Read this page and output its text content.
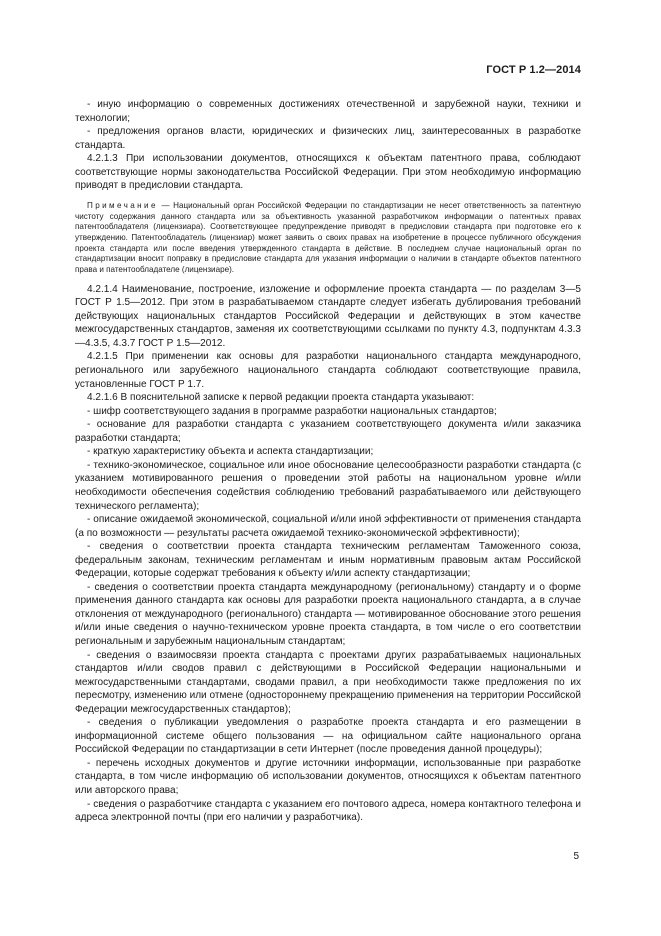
ГОСТ Р 1.2—2014

- иную информацию о современных достижениях отечественной и зарубежной науки, техники и технологии;

- предложения органов власти, юридических и физических лиц, заинтересованных в разработке стандарта.

4.2.1.3 При использовании документов, относящихся к объектам патентного права, соблюдают соответствующие нормы законодательства Российской Федерации. При этом необходимую информацию приводят в предисловии стандарта.

Примечание — Национальный орган Российской Федерации по стандартизации не несет ответственность за патентную чистоту содержания данного стандарта или за объективность указанной разработчиком информации о патентных правах патентообладателя (лицензиара). Соответствующее предупреждение приводят в предисловии стандарта при подготовке его к утверждению. Патентообладатель (лицензиар) может заявить о своих правах на изобретение в процессе публичного обсуждения проекта стандарта или после введения утвержденного стандарта в действие. В последнем случае национальный орган по стандартизации вносит поправку в предисловие стандарта для указания информации о наличии в стандарте объектов патентного права и патентообладателе (лицензиаре).

4.2.1.4 Наименование, построение, изложение и оформление проекта стандарта — по разделам 3—5 ГОСТ Р 1.5—2012. При этом в разрабатываемом стандарте следует избегать дублирования требований действующих национальных стандартов Российской Федерации и действующих в этом качестве межгосударственных стандартов, заменяя их соответствующими ссылками по пункту 4.3, подпунктам 4.3.3—4.3.5, 4.3.7 ГОСТ Р 1.5—2012.

4.2.1.5 При применении как основы для разработки национального стандарта международного, регионального или зарубежного национального стандарта соблюдают соответствующие правила, установленные ГОСТ Р 1.7.

4.2.1.6 В пояснительной записке к первой редакции проекта стандарта указывают:

- шифр соответствующего задания в программе разработки национальных стандартов;

- основание для разработки стандарта с указанием соответствующего документа и/или заказчика разработки стандарта;

- краткую характеристику объекта и аспекта стандартизации;

- технико-экономическое, социальное или иное обоснование целесообразности разработки стандарта (с указанием мотивированного решения о проведении этой работы на национальном уровне и/или необходимости обеспечения содействия соблюдению требований разрабатываемого или действующего технического регламента);

- описание ожидаемой экономической, социальной и/или иной эффективности от применения стандарта (а по возможности — результаты расчета ожидаемой технико-экономической эффективности);

- сведения о соответствии проекта стандарта техническим регламентам Таможенного союза, федеральным законам, техническим регламентам и иным нормативным правовым актам Российской Федерации, которые содержат требования к объекту и/или аспекту стандартизации;

- сведения о соответствии проекта стандарта международному (региональному) стандарту и о форме применения данного стандарта как основы для разработки проекта национального стандарта, а в случае отклонения от международного (регионального) стандарта — мотивированное обоснование этого решения и/или иные сведения о научно-техническом уровне проекта стандарта, в том числе о его соответствии региональным и зарубежным национальным стандартам;

- сведения о взаимосвязи проекта стандарта с проектами других разрабатываемых национальных стандартов и/или сводов правил с действующими в Российской Федерации национальными и межгосударственными стандартами, сводами правил, а при необходимости также предложения по их пересмотру, изменению или отмене (одностороннему прекращению применения на территории Российской Федерации межгосударственных стандартов);

- сведения о публикации уведомления о разработке проекта стандарта и его размещении в информационной системе общего пользования — на официальном сайте национального органа Российской Федерации по стандартизации в сети Интернет (после проведения данной процедуры);

- перечень исходных документов и другие источники информации, использованные при разработке стандарта, в том числе информацию об использовании документов, относящихся к объектам патентного или авторского права;

- сведения о разработчике стандарта с указанием его почтового адреса, номера контактного телефона и адреса электронной почты (при его наличии у разработчика).

5
